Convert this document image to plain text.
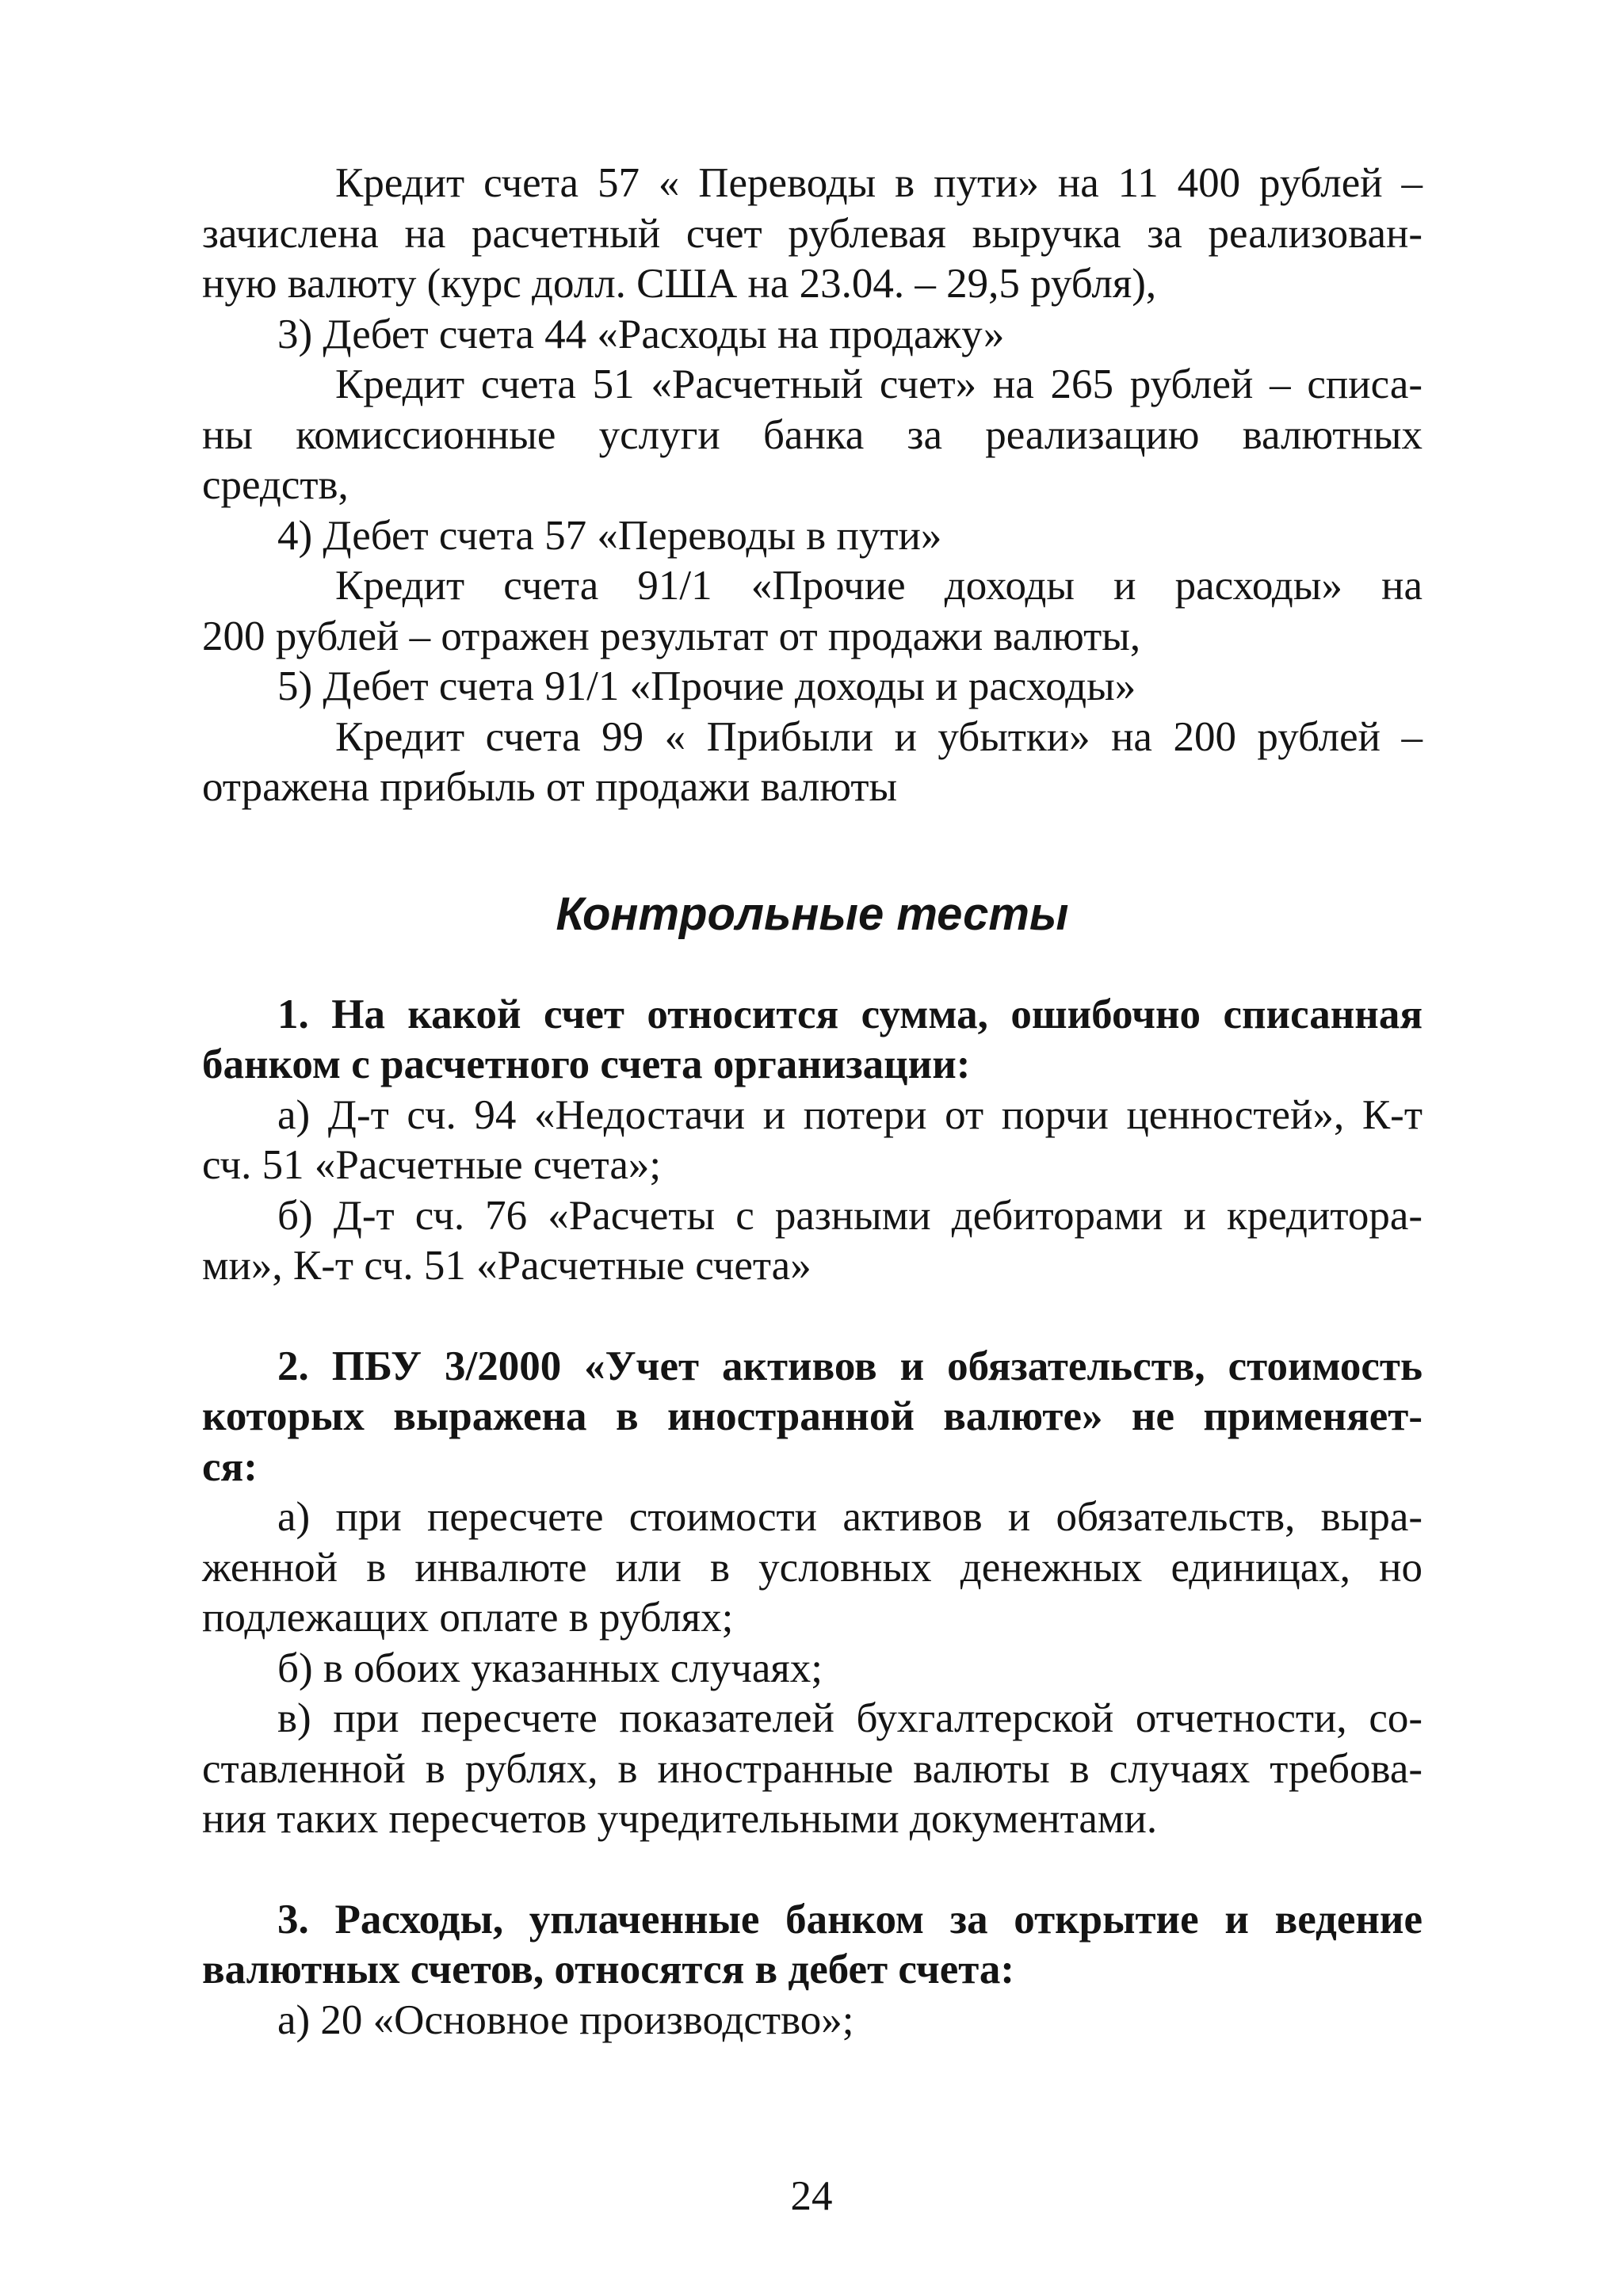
Кредит счета 57 « Переводы в пути» на 11 400 рублей –

зачислена на расчетный счет рублевая выручка за реализован-

ную валюту (курс долл. США на 23.04. – 29,5 рубля),

3) Дебет счета 44 «Расходы на продажу»

Кредит счета 51 «Расчетный счет» на 265 рублей – списа-

ны комиссионные услуги банка за реализацию валютных

средств,

4) Дебет счета 57 «Переводы в пути»

Кредит счета 91/1 «Прочие доходы и расходы» на

200 рублей – отражен результат от продажи валюты,

5) Дебет счета 91/1 «Прочие доходы и расходы»

Кредит счета 99 « Прибыли и убытки» на 200 рублей –

отражена прибыль от продажи валюты

Контрольные тесты

1. На какой счет относится сумма, ошибочно списанная

банком с расчетного счета организации:

а) Д-т сч. 94 «Недостачи и потери от порчи ценностей», К-т

сч. 51 «Расчетные счета»;

б) Д-т сч. 76 «Расчеты с разными дебиторами и кредитора-

ми», К-т сч. 51 «Расчетные счета»

2. ПБУ 3/2000 «Учет активов и обязательств, стоимость

которых выражена в иностранной валюте» не применяет-

ся:

а) при пересчете стоимости активов и обязательств, выра-

женной в инвалюте или в условных денежных единицах, но

подлежащих оплате в рублях;

б) в обоих указанных случаях;

в) при пересчете показателей бухгалтерской отчетности, со-

ставленной в рублях, в иностранные валюты в случаях требова-

ния таких пересчетов учредительными документами.

3. Расходы, уплаченные банком за открытие и ведение

валютных счетов, относятся в дебет счета:

а) 20 «Основное производство»;

24
